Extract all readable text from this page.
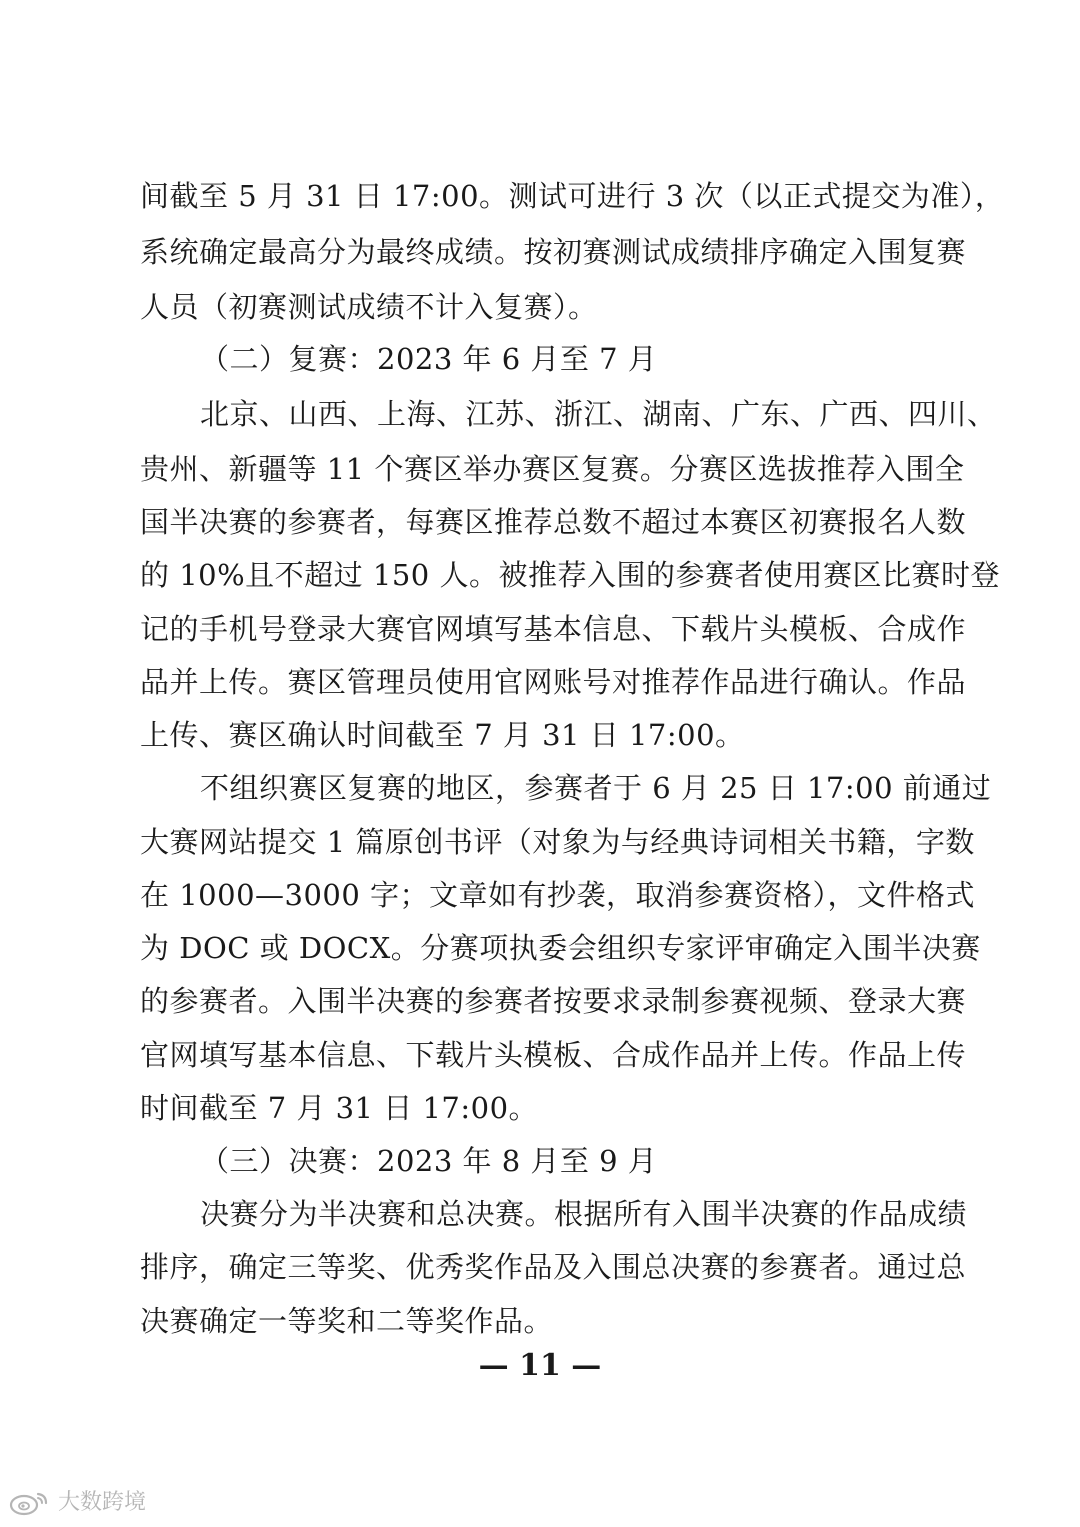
间截至 5 月 31 日 17:00。测试可进行 3 次（以正式提交为准），
系统确定最高分为最终成绩。按初赛测试成绩排序确定入围复赛
人员（初赛测试成绩不计入复赛）。
（二）复赛：2023 年 6 月至 7 月
北京、山西、上海、江苏、浙江、湖南、广东、广西、四川、
贵州、新疆等 11 个赛区举办赛区复赛。分赛区选拔推荐入围全
国半决赛的参赛者，每赛区推荐总数不超过本赛区初赛报名人数
的 10%且不超过 150 人。被推荐入围的参赛者使用赛区比赛时登
记的手机号登录大赛官网填写基本信息、下载片头模板、合成作
品并上传。赛区管理员使用官网账号对推荐作品进行确认。作品
上传、赛区确认时间截至 7 月 31 日 17:00。
不组织赛区复赛的地区，参赛者于 6 月 25 日 17:00 前通过
大赛网站提交 1 篇原创书评（对象为与经典诗词相关书籍，字数
在 1000—3000 字；文章如有抄袭，取消参赛资格），文件格式
为 DOC 或 DOCX。分赛项执委会组织专家评审确定入围半决赛
的参赛者。入围半决赛的参赛者按要求录制参赛视频、登录大赛
官网填写基本信息、下载片头模板、合成作品并上传。作品上传
时间截至 7 月 31 日 17:00。
（三）决赛：2023 年 8 月至 9 月
决赛分为半决赛和总决赛。根据所有入围半决赛的作品成绩
排序，确定三等奖、优秀奖作品及入围总决赛的参赛者。通过总
决赛确定一等奖和二等奖作品。
— 11 —
大数跨境
